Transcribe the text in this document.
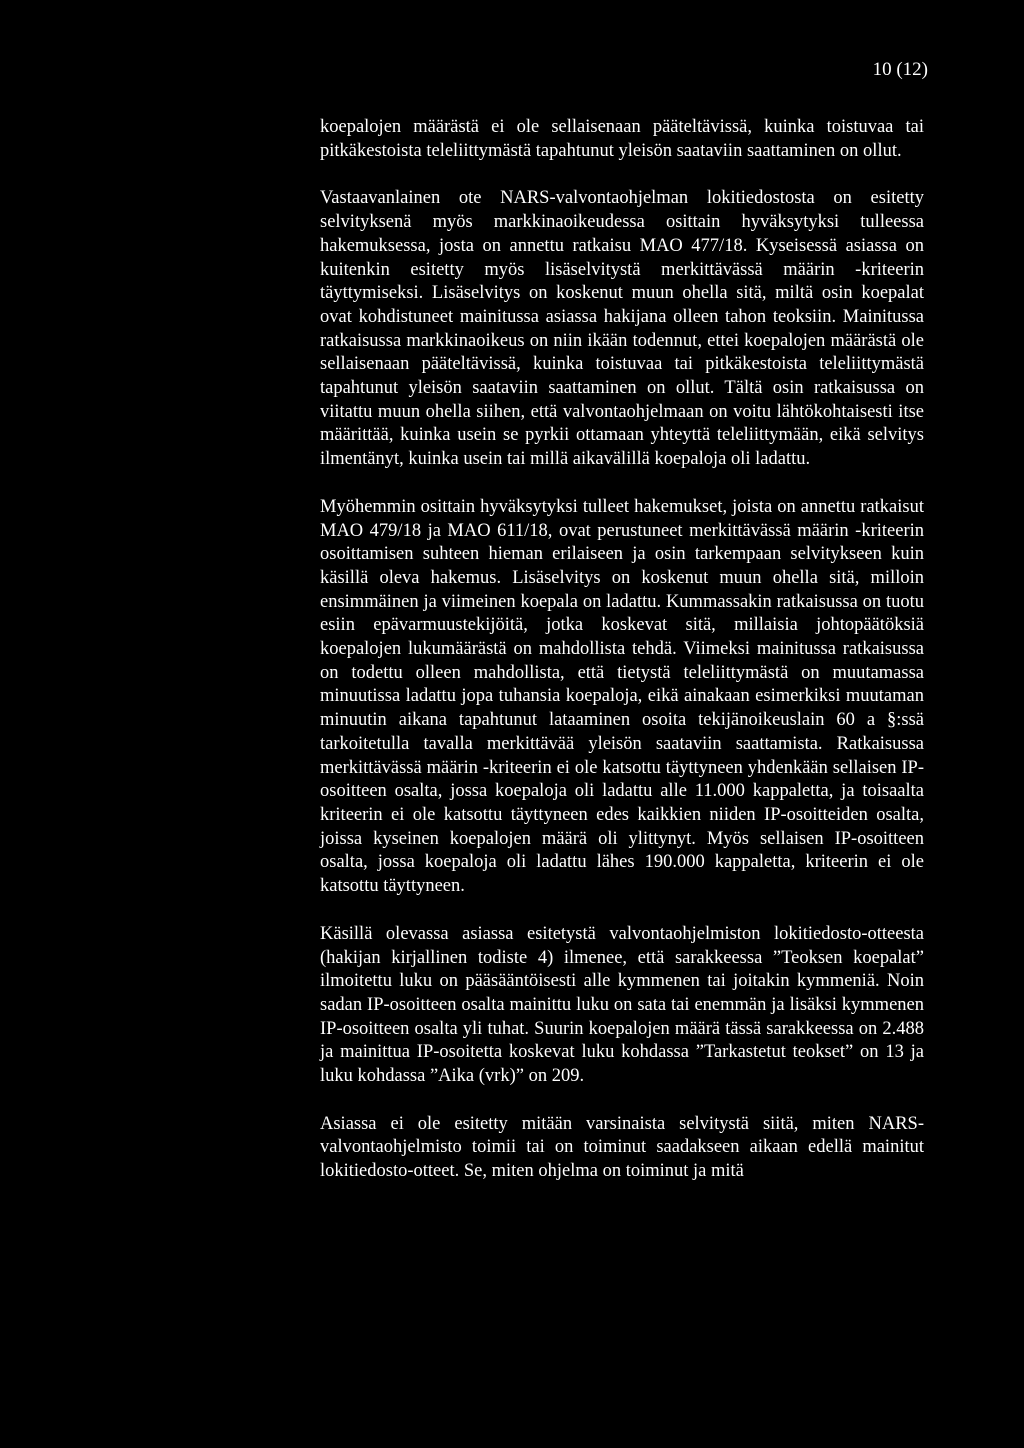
10 (12)

koepalojen määrästä ei ole sellaisenaan pääteltävissä, kuinka toistuvaa tai pitkäkestoista teleliittymästä tapahtunut yleisön saataviin saattaminen on ollut.

Vastaavanlainen ote NARS-valvontaohjelman lokitiedostosta on esitetty selvityksenä myös markkinaoikeudessa osittain hyväksytyksi tulleessa hakemuksessa, josta on annettu ratkaisu MAO 477/18. Kyseisessä asiassa on kuitenkin esitetty myös lisäselvitystä merkittävässä määrin -kriteerin täyttymiseksi. Lisäselvitys on koskenut muun ohella sitä, miltä osin koepalat ovat kohdistuneet mainitussa asiassa hakijana olleen tahon teoksiin. Mainitussa ratkaisussa markkinaoikeus on niin ikään todennut, ettei koepalojen määrästä ole sellaisenaan pääteltävissä, kuinka toistuvaa tai pitkäkestoista teleliittymästä tapahtunut yleisön saataviin saattaminen on ollut. Tältä osin ratkaisussa on viitattu muun ohella siihen, että valvontaohjelmaan on voitu lähtökohtaisesti itse määrittää, kuinka usein se pyrkii ottamaan yhteyttä teleliittymään, eikä selvitys ilmentänyt, kuinka usein tai millä aikavälillä koepaloja oli ladattu.

Myöhemmin osittain hyväksytyksi tulleet hakemukset, joista on annettu ratkaisut MAO 479/18 ja MAO 611/18, ovat perustuneet merkittävässä määrin -kriteerin osoittamisen suhteen hieman erilaiseen ja osin tarkempaan selvitykseen kuin käsillä oleva hakemus. Lisäselvitys on koskenut muun ohella sitä, milloin ensimmäinen ja viimeinen koepala on ladattu. Kummassakin ratkaisussa on tuotu esiin epävarmuustekijöitä, jotka koskevat sitä, millaisia johtopäätöksiä koepalojen lukumäärästä on mahdollista tehdä. Viimeksi mainitussa ratkaisussa on todettu olleen mahdollista, että tietystä teleliittymästä on muutamassa minuutissa ladattu jopa tuhansia koepaloja, eikä ainakaan esimerkiksi muutaman minuutin aikana tapahtunut lataaminen osoita tekijänoikeuslain 60 a §:ssä tarkoitetulla tavalla merkittävää yleisön saataviin saattamista. Ratkaisussa merkittävässä määrin -kriteerin ei ole katsottu täyttyneen yhdenkään sellaisen IP-osoitteen osalta, jossa koepaloja oli ladattu alle 11.000 kappaletta, ja toisaalta kriteerin ei ole katsottu täyttyneen edes kaikkien niiden IP-osoitteiden osalta, joissa kyseinen koepalojen määrä oli ylittynyt. Myös sellaisen IP-osoitteen osalta, jossa koepaloja oli ladattu lähes 190.000 kappaletta, kriteerin ei ole katsottu täyttyneen.

Käsillä olevassa asiassa esitetystä valvontaohjelmiston lokitiedosto-otteesta (hakijan kirjallinen todiste 4) ilmenee, että sarakkeessa ”Teoksen koepalat” ilmoitettu luku on pääsääntöisesti alle kymmenen tai joitakin kymmeniä. Noin sadan IP-osoitteen osalta mainittu luku on sata tai enemmän ja lisäksi kymmenen IP-osoitteen osalta yli tuhat. Suurin koepalojen määrä tässä sarakkeessa on 2.488 ja mainittua IP-osoitetta koskevat luku kohdassa ”Tarkastetut teokset” on 13 ja luku kohdassa ”Aika (vrk)” on 209.

Asiassa ei ole esitetty mitään varsinaista selvitystä siitä, miten NARS-valvontaohjelmisto toimii tai on toiminut saadakseen aikaan edellä mainitut lokitiedosto-otteet. Se, miten ohjelma on toiminut ja mitä
